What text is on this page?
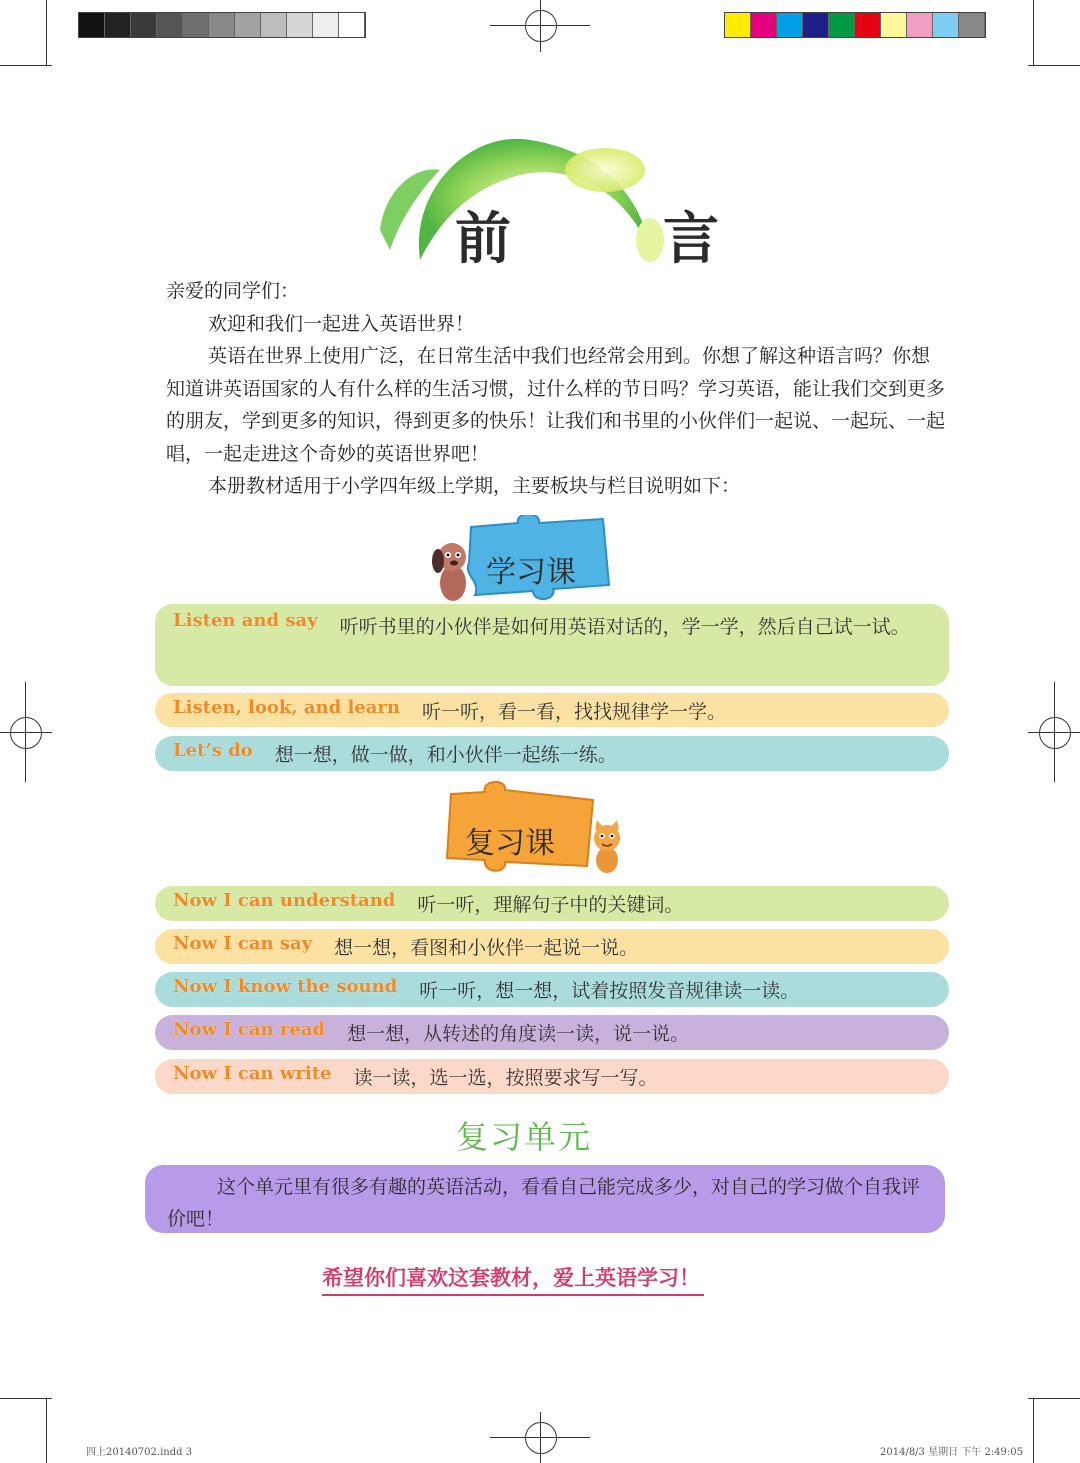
前　言

亲爱的同学们：

欢迎和我们一起进入英语世界！

英语在世界上使用广泛，在日常生活中我们也经常会用到。你想了解这种语言吗？你想知道讲英语国家的人有什么样的生活习惯，过什么样的节日吗？学习英语，能让我们交到更多的朋友，学到更多的知识，得到更多的快乐！让我们和书里的小伙伴们一起说、一起玩、一起唱，一起走进这个奇妙的英语世界吧！

本册教材适用于小学四年级上学期，主要板块与栏目说明如下：

学习课
Listen and say 听听书里的小伙伴是如何用英语对话的，学一学，然后自己试一试。
Listen, look, and learn 听一听，看一看，找找规律学一学。
Let’s do 想一想，做一做，和小伙伴一起练一练。
复习课
Now I can understand 听一听，理解句子中的关键词。
Now I can say 想一想，看图和小伙伴一起说一说。
Now I know the sound 听一听，想一想，试着按照发音规律读一读。
Now I can read 想一想，从转述的角度读一读，说一说。
Now I can write 读一读，选一选，按照要求写一写。
复习单元
这个单元里有很多有趣的英语活动，看看自己能完成多少，对自己的学习做个自我评价吧！
希望你们喜欢这套教材，爱上英语学习！
四上20140702.indd 3	2014/8/3 星期日 下午 2:49:05
